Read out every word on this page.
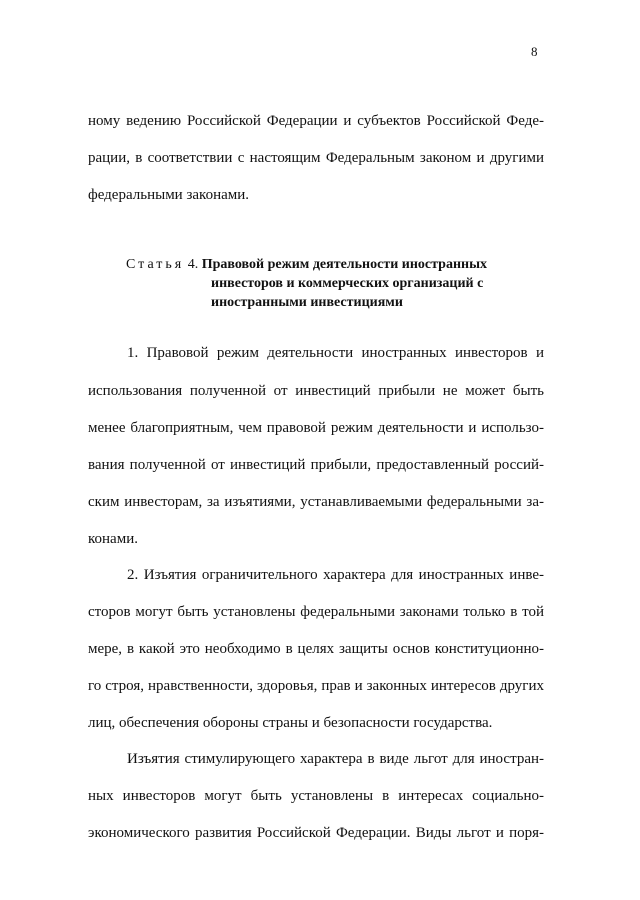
8
ному ведению Российской Федерации и субъектов Российской Феде-
рации, в соответствии с настоящим Федеральным законом и другими
федеральными законами.
Статья 4. Правовой режим деятельности иностранных
инвесторов и коммерческих организаций с
иностранными инвестициями
1. Правовой режим деятельности иностранных инвесторов и
использования полученной от инвестиций прибыли не может быть
менее благоприятным, чем правовой режим деятельности и использо-
вания полученной от инвестиций прибыли, предоставленный россий-
ским инвесторам, за изъятиями, устанавливаемыми федеральными за-
конами.
2. Изъятия ограничительного характера для иностранных инве-
сторов могут быть установлены федеральными законами только в той
мере, в какой это необходимо в целях защиты основ конституционно-
го строя, нравственности, здоровья, прав и законных интересов других
лиц, обеспечения обороны страны и безопасности государства.
Изъятия стимулирующего характера в виде льгот для иностран-
ных инвесторов могут быть установлены в интересах социально-
экономического развития Российской Федерации. Виды льгот и поря-
